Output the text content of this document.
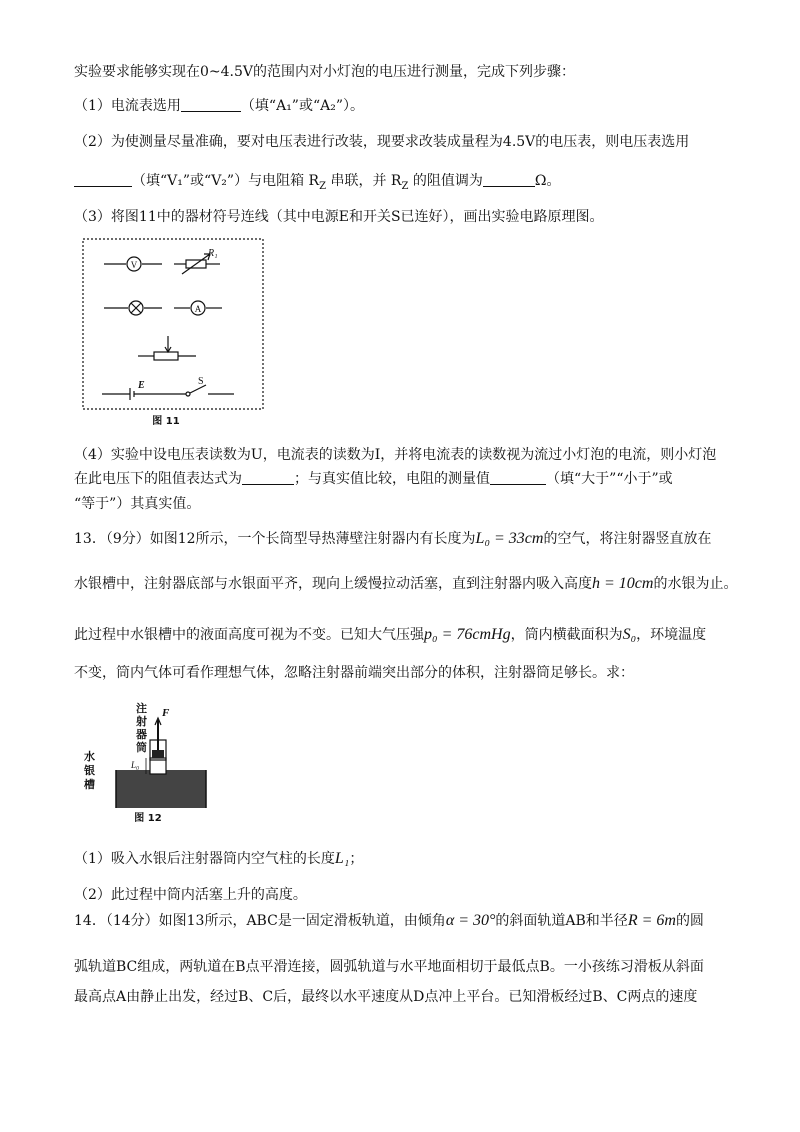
实验要求能够实现在0~4.5V的范围内对小灯泡的电压进行测量，完成下列步骤：
（1）电流表选用	（填“A₁”或“A₂”）。
（2）为使测量尽量准确，要对电压表进行改装，现要求改装成量程为4.5V的电压表，则电压表选用
（填“V₁”或“V₂”）与电阻箱 $R_Z$ 串联，并 $R_Z$ 的阻值调为	Ω。
（3）将图11中的器材符号连线（其中电源E和开关S已连好），画出实验电路原理图。
V
R₁
A
E	S
图 11
（4）实验中设电压表读数为U，电流表的读数为I，并将电流表的读数视为流过小灯泡的电流，则小灯泡
在此电压下的阻值表达式为	；与真实值比较，电阻的测量值	（填“大于”“小于”或
“等于”）其真实值。
13．（9分）如图12所示，一个长筒型导热薄壁注射器内有长度为L₀ = 33cm的空气，将注射器竖直放在
水银槽中，注射器底部与水银面平齐，现向上缓慢拉动活塞，直到注射器内吸入高度h = 10cm的水银为止。
此过程中水银槽中的液面高度可视为不变。已知大气压强p₀ = 76cmHg，筒内横截面积为S₀，环境温度
不变，筒内气体可看作理想气体，忽略注射器前端突出部分的体积，注射器筒足够长。求：
注射器筒
水银槽
F
L₀
图 12
（1）吸入水银后注射器筒内空气柱的长度L₁；
（2）此过程中筒内活塞上升的高度。
14．（14分）如图13所示，ABC是一固定滑板轨道，由倾角α = 30°的斜面轨道AB和半径R = 6m的圆
弧轨道BC组成，两轨道在B点平滑连接，圆弧轨道与水平地面相切于最低点B。一小孩练习滑板从斜面
最高点A由静止出发，经过B、C后，最终以水平速度从D点冲上平台。已知滑板经过B、C两点的速度
